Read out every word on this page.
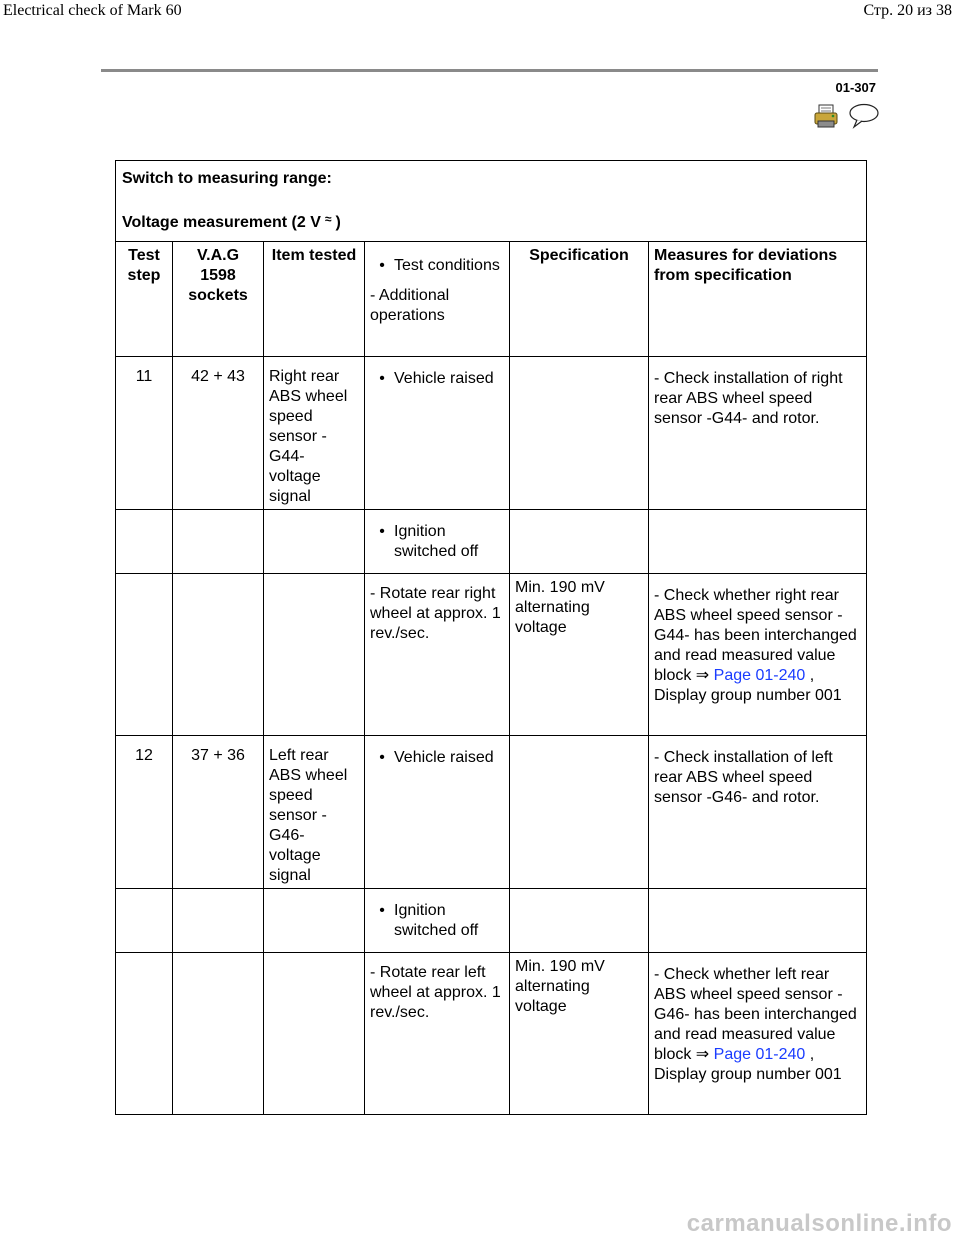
Electrical check of Mark 60	Стр. 20 из 38
01-307
Switch to measuring range:
Voltage measurement (2 V ≈ )					

Test step	V.A.G 1598 sockets	Item tested	• Test conditions
- Additional operations	Specification	Measures for deviations from specification
11	42 + 43	Right rear ABS wheel speed sensor -G44- voltage signal	• Vehicle raised		- Check installation of right rear ABS wheel speed sensor -G44- and rotor.

			• Ignition switched off		

			- Rotate rear right wheel at approx. 1 rev./sec.	Min. 190 mV alternating voltage	- Check whether right rear ABS wheel speed sensor -G44- has been interchanged and read measured value block ⇒ Page 01-240 , Display group number 001

12	37 + 36	Left rear ABS wheel speed sensor -G46- voltage signal	• Vehicle raised		- Check installation of left rear ABS wheel speed sensor -G46- and rotor.

			• Ignition switched off		

			- Rotate rear left wheel at approx. 1 rev./sec.	Min. 190 mV alternating voltage	- Check whether left rear ABS wheel speed sensor -G46- has been interchanged and read measured value block ⇒ Page 01-240 , Display group number 001
carmanualsonline.info
